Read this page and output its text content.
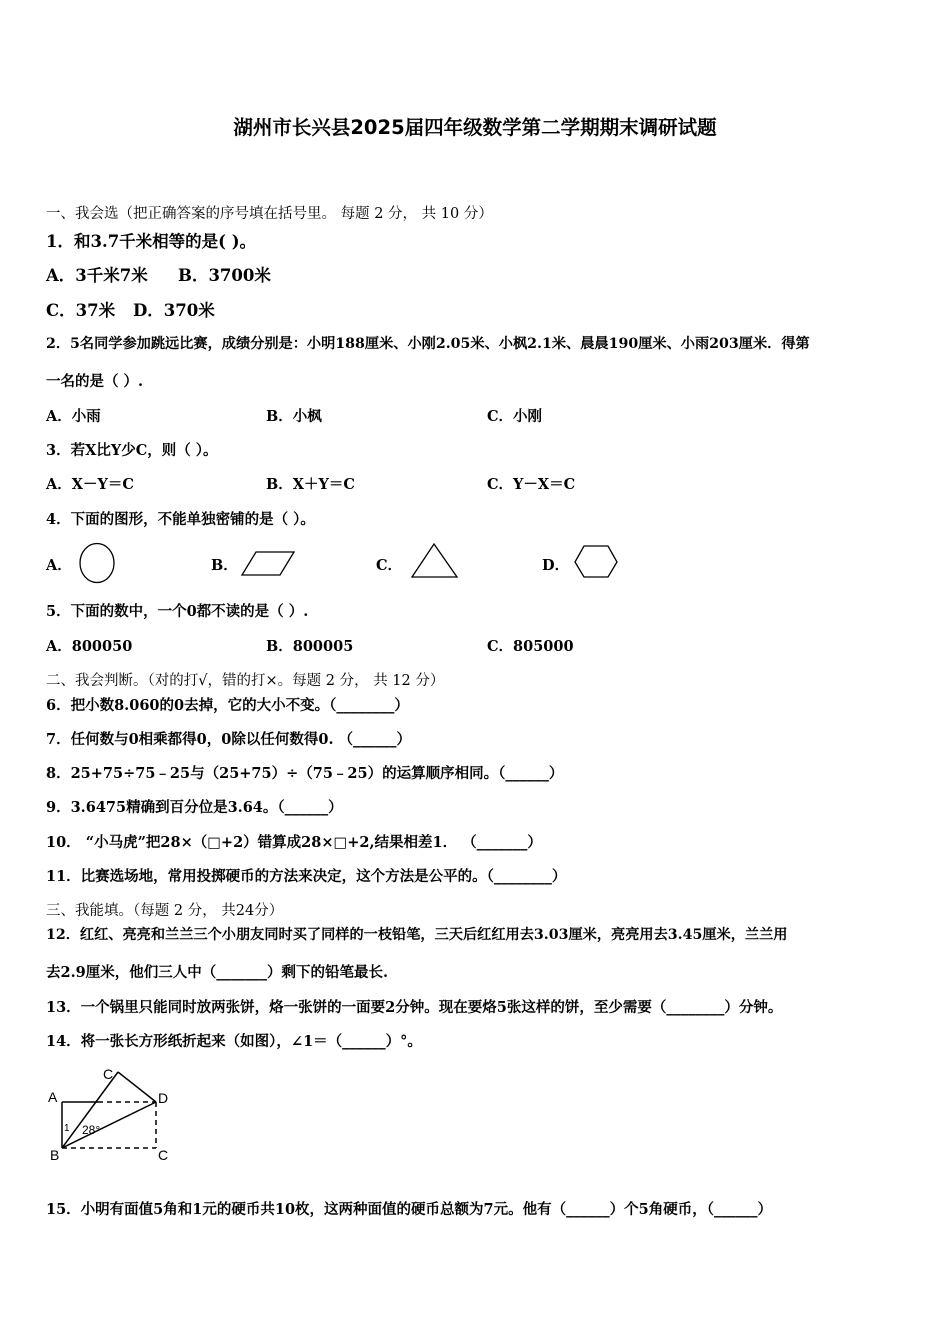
湖州市长兴县2025届四年级数学第二学期期末调研试题
一、我会选（把正确答案的序号填在括号里。 每题 2 分， 共 10 分）
1．和3.7千米相等的是( )。
A．3千米7米 B．3700米
C．37米 D．370米
2．5名同学参加跳远比赛，成绩分别是：小明188厘米、小刚2.05米、小枫2.1米、晨晨190厘米、小雨203厘米．得第
一名的是（ ）.
A．小雨	B．小枫	C．小刚
3．若X比Y少C，则（ ）。
A．X－Y＝C	B．X＋Y＝C	C．Y－X＝C
4．下面的图形，不能单独密铺的是（ ）。
A．	B．	C．	D．
5．下面的数中，一个0都不读的是（ ）.
A．800050	B．800005	C．805000
二、我会判断。（对的打√，错的打×。每题 2 分， 共 12 分）
6．把小数8.060的0去掉，它的大小不变。（________）
7．任何数与0相乘都得0，0除以任何数得0. （______）
8．25+75÷75﹣25与（25+75）÷（75﹣25）的运算顺序相同。（______）
9．3.6475精确到百分位是3.64。（______）
10． “小马虎”把28×（□+2）错算成28×□+2,结果相差1． （_______）
11．比赛选场地，常用投掷硬币的方法来决定，这个方法是公平的。（________）
三、我能填。（每题 2 分， 共24分）
12．红红、亮亮和兰兰三个小朋友同时买了同样的一枝铅笔，三天后红红用去3.03厘米，亮亮用去3.45厘米，兰兰用
去2.9厘米，他们三人中（_______）剩下的铅笔最长.
13．一个锅里只能同时放两张饼，烙一张饼的一面要2分钟。现在要烙5张这样的饼，至少需要（________）分钟。
14．将一张长方形纸折起来（如图），∠1＝（______）°。
A
B
C
D
C
1 28°
15．小明有面值5角和1元的硬币共10枚，这两种面值的硬币总额为7元。他有（______）个5角硬币，（______）
